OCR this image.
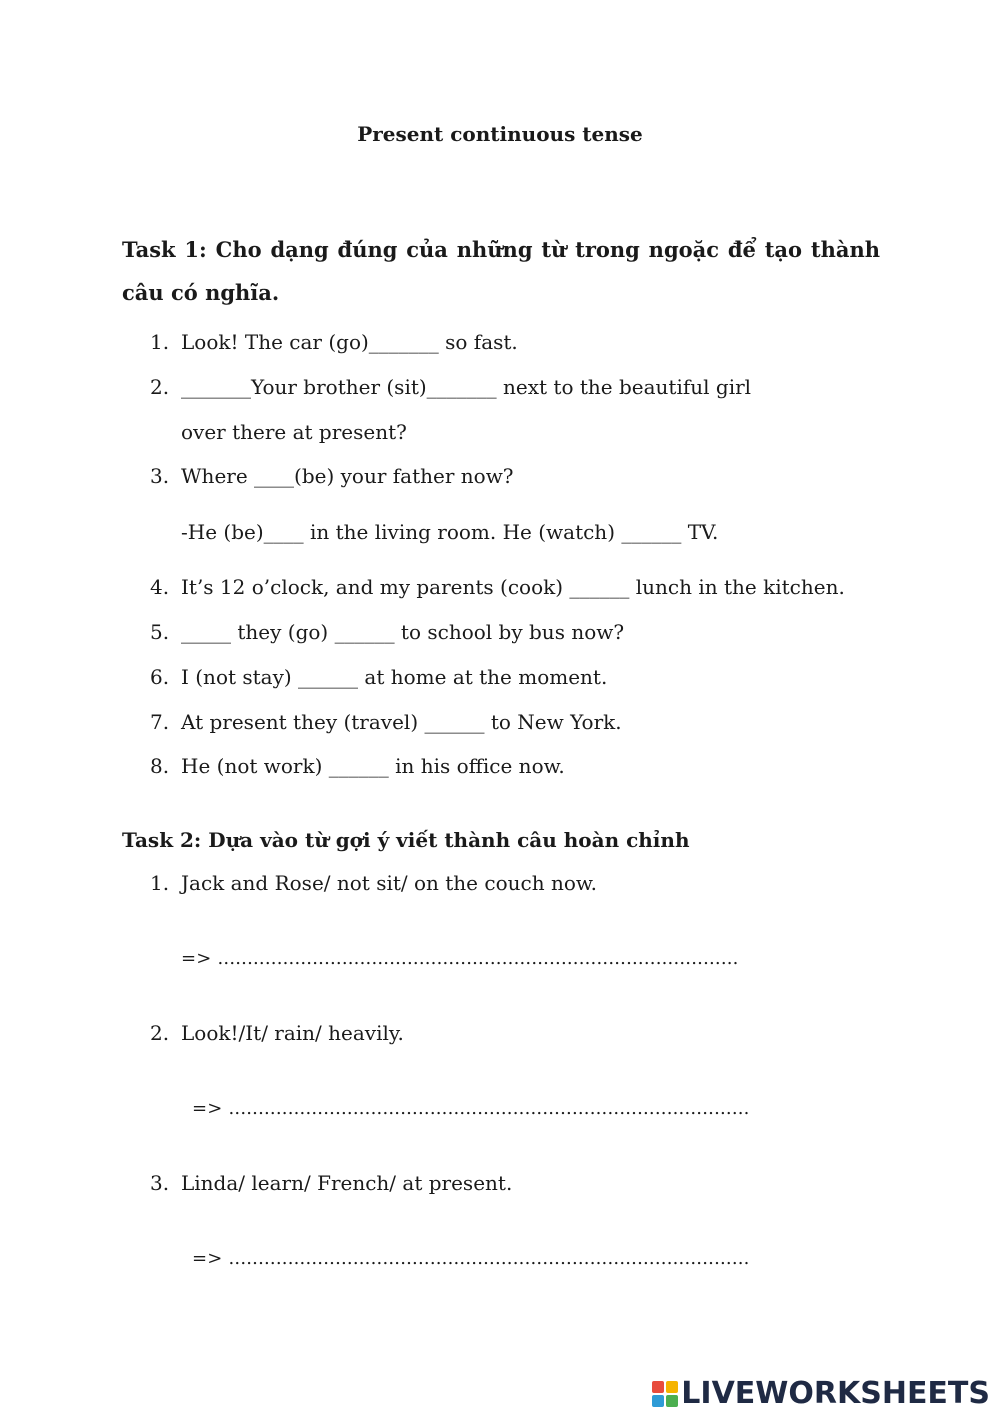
Present continuous tense
Task 1: Cho dạng đúng của những từ trong ngoặc để tạo thành câu có nghĩa.
1. Look! The car (go)_______ so fast.
2. _______Your brother (sit)_______ next to the beautiful girl
over there at present?
3. Where ____(be) your father now?
-He (be)____ in the living room. He (watch) ______ TV.
4. It’s 12 o’clock, and my parents (cook) ______ lunch in the kitchen.
5. _____ they (go) ______ to school by bus now?
6. I (not stay) ______ at home at the moment.
7. At present they (travel) ______ to New York.
8. He (not work) ______ in his office now.
Task 2: Dựa vào từ gợi ý viết thành câu hoàn chỉnh
1. Jack and Rose/ not sit/ on the couch now.
=> ........................................................................................
2. Look!/It/ rain/ heavily.
=> ........................................................................................
3. Linda/ learn/ French/ at present.
=> ........................................................................................
LIVEWORKSHEETS
